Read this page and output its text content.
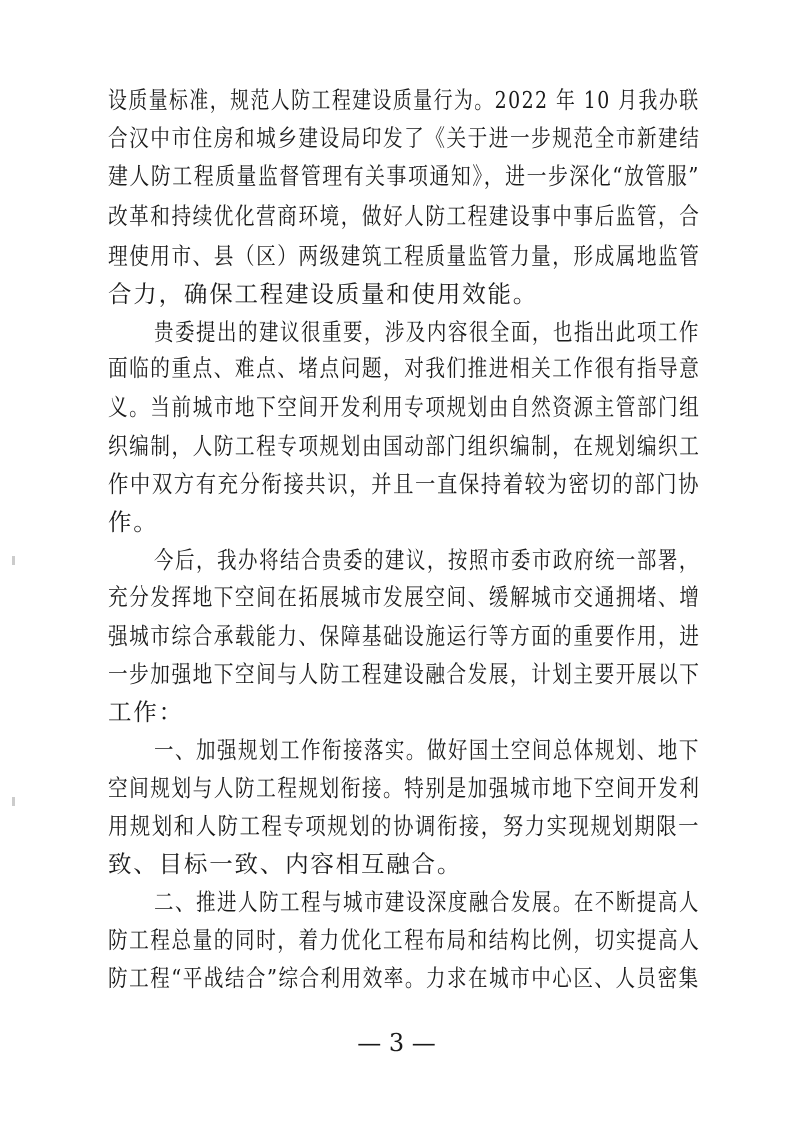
设质量标准，规范人防工程建设质量行为。2022 年 10 月我办联
合汉中市住房和城乡建设局印发了《关于进一步规范全市新建结
建人防工程质量监督管理有关事项通知》，进一步深化“放管服”
改革和持续优化营商环境，做好人防工程建设事中事后监管，合
理使用市、县（区）两级建筑工程质量监管力量，形成属地监管
合力，确保工程建设质量和使用效能。
贵委提出的建议很重要，涉及内容很全面，也指出此项工作
面临的重点、难点、堵点问题，对我们推进相关工作很有指导意
义。当前城市地下空间开发利用专项规划由自然资源主管部门组
织编制，人防工程专项规划由国动部门组织编制，在规划编织工
作中双方有充分衔接共识，并且一直保持着较为密切的部门协
作。
今后，我办将结合贵委的建议，按照市委市政府统一部署，
充分发挥地下空间在拓展城市发展空间、缓解城市交通拥堵、增
强城市综合承载能力、保障基础设施运行等方面的重要作用，进
一步加强地下空间与人防工程建设融合发展，计划主要开展以下
工作：
一、加强规划工作衔接落实。做好国土空间总体规划、地下
空间规划与人防工程规划衔接。特别是加强城市地下空间开发利
用规划和人防工程专项规划的协调衔接，努力实现规划期限一
致、目标一致、内容相互融合。
二、推进人防工程与城市建设深度融合发展。在不断提高人
防工程总量的同时，着力优化工程布局和结构比例，切实提高人
防工程“平战结合”综合利用效率。力求在城市中心区、人员密集
— 3 —
